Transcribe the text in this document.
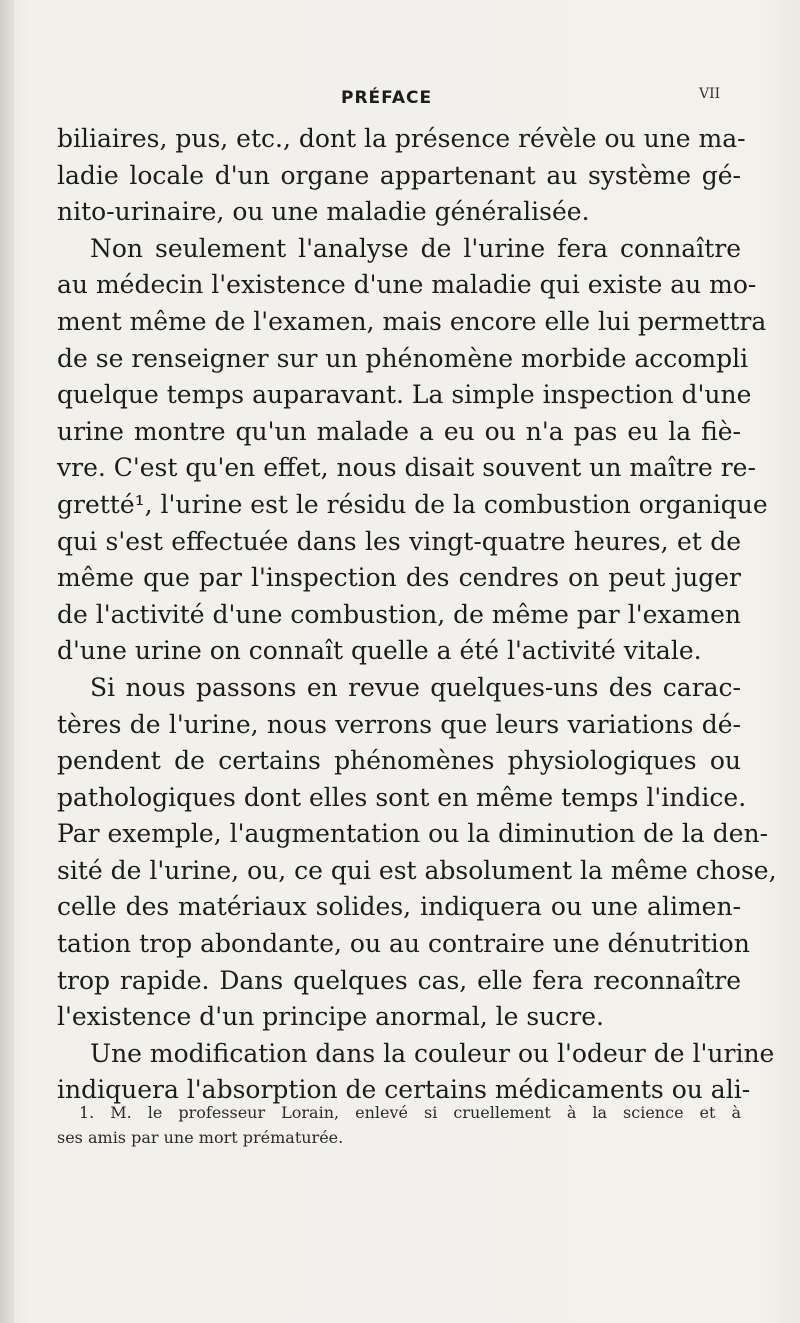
PRÉFACE	VII
biliaires, pus, etc., dont la présence révèle ou une ma-
ladie locale d'un organe appartenant au système gé-
nito-urinaire, ou une maladie généralisée.
Non seulement l'analyse de l'urine fera connaître
au médecin l'existence d'une maladie qui existe au mo-
ment même de l'examen, mais encore elle lui permettra
de se renseigner sur un phénomène morbide accompli
quelque temps auparavant. La simple inspection d'une
urine montre qu'un malade a eu ou n'a pas eu la fiè-
vre. C'est qu'en effet, nous disait souvent un maître re-
gretté¹, l'urine est le résidu de la combustion organique
qui s'est effectuée dans les vingt-quatre heures, et de
même que par l'inspection des cendres on peut juger
de l'activité d'une combustion, de même par l'examen
d'une urine on connaît quelle a été l'activité vitale.
Si nous passons en revue quelques-uns des carac-
tères de l'urine, nous verrons que leurs variations dé-
pendent de certains phénomènes physiologiques ou
pathologiques dont elles sont en même temps l'indice.
Par exemple, l'augmentation ou la diminution de la den-
sité de l'urine, ou, ce qui est absolument la même chose,
celle des matériaux solides, indiquera ou une alimen-
tation trop abondante, ou au contraire une dénutrition
trop rapide. Dans quelques cas, elle fera reconnaître
l'existence d'un principe anormal, le sucre.
Une modification dans la couleur ou l'odeur de l'urine
indiquera l'absorption de certains médicaments ou ali-
1. M. le professeur Lorain, enlevé si cruellement à la science et à
ses amis par une mort prématurée.
